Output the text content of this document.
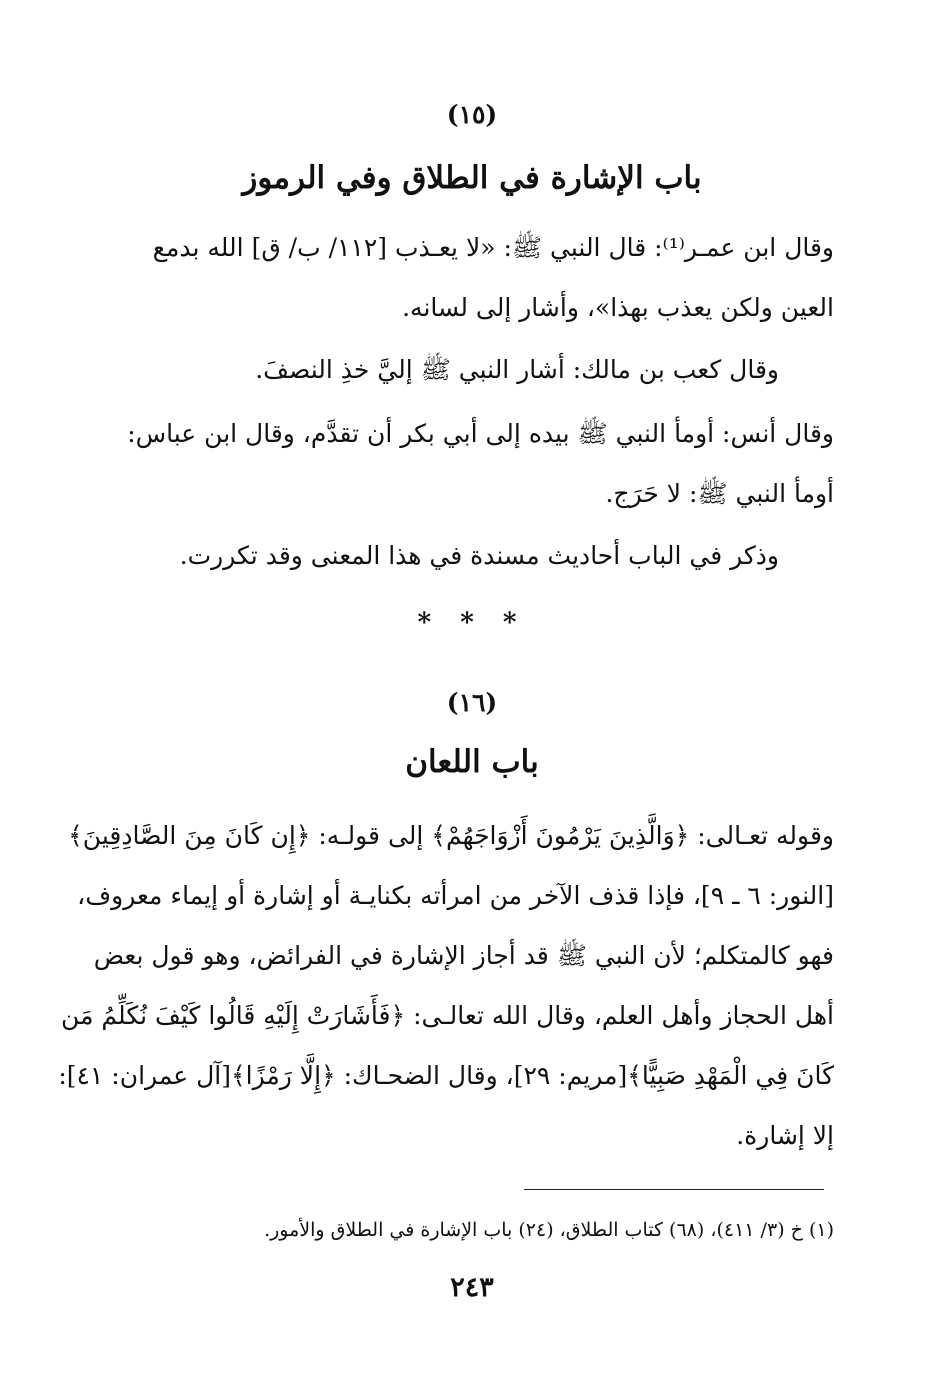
(١٥)
باب الإشارة في الطلاق وفي الرموز
وقال ابن عمـر⁽¹⁾: قال النبي ﷺ: «لا يعـذب [١١٢/ ب/ ق] الله بدمع
العين ولكن يعذب بهذا»، وأشار إلى لسانه.
وقال كعب بن مالك: أشار النبي ﷺ إليَّ خذِ النصفَ.
وقال أنس: أومأ النبي ﷺ بيده إلى أبي بكر أن تقدَّم، وقال ابن عباس:
أومأ النبي ﷺ: لا حَرَج.
وذكر في الباب أحاديث مسندة في هذا المعنى وقد تكررت.
* * *
(١٦)
باب اللعان
وقوله تعـالى: ﴿وَالَّذِينَ يَرْمُونَ أَزْوَاجَهُمْ﴾ إلى قولـه: ﴿إِن كَانَ مِنَ الصَّادِقِينَ﴾
[النور: ٦ ـ ٩]، فإذا قذف الآخر من امرأته بكنايـة أو إشارة أو إيماء معروف،
فهو كالمتكلم؛ لأن النبي ﷺ قد أجاز الإشارة في الفرائض، وهو قول بعض
أهل الحجاز وأهل العلم، وقال الله تعالـى: ﴿فَأَشَارَتْ إِلَيْهِ قَالُوا كَيْفَ نُكَلِّمُ مَن
كَانَ فِي الْمَهْدِ صَبِيًّا﴾[مريم: ٢٩]، وقال الضحـاك: ﴿إِلَّا رَمْزًا﴾[آل عمران: ٤١]:
إلا إشارة.
(١) خ (٣/ ٤١١)، (٦٨) كتاب الطلاق، (٢٤) باب الإشارة في الطلاق والأمور.
٢٤٣
